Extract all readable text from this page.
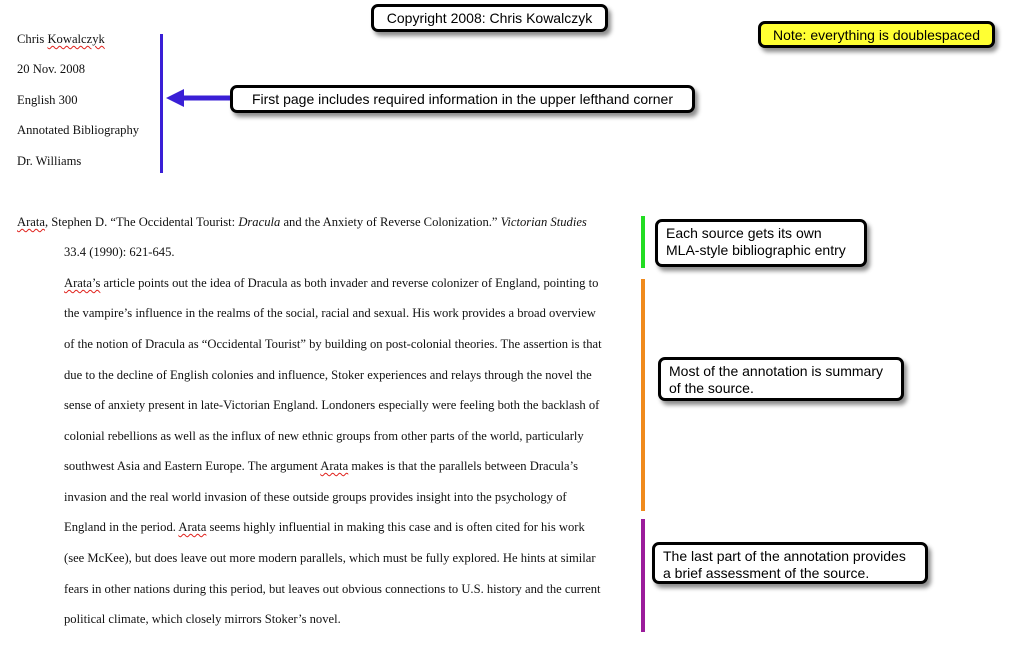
Copyright 2008: Chris Kowalczyk
Note: everything is doublespaced
Chris Kowalczyk
20 Nov. 2008
English 300
Annotated Bibliography
Dr. Williams
First page includes required information in the upper lefthand corner
Arata, Stephen D. “The Occidental Tourist: Dracula and the Anxiety of Reverse Colonization.” Victorian Studies
33.4 (1990): 621-645.
Arata’s article points out the idea of Dracula as both invader and reverse colonizer of England, pointing to
the vampire’s influence in the realms of the social, racial and sexual. His work provides a broad overview
of the notion of Dracula as “Occidental Tourist” by building on post-colonial theories. The assertion is that
due to the decline of English colonies and influence, Stoker experiences and relays through the novel the
sense of anxiety present in late-Victorian England. Londoners especially were feeling both the backlash of
colonial rebellions as well as the influx of new ethnic groups from other parts of the world, particularly
southwest Asia and Eastern Europe. The argument Arata makes is that the parallels between Dracula’s
invasion and the real world invasion of these outside groups provides insight into the psychology of
England in the period. Arata seems highly influential in making this case and is often cited for his work
(see McKee), but does leave out more modern parallels, which must be fully explored. He hints at similar
fears in other nations during this period, but leaves out obvious connections to U.S. history and the current
political climate, which closely mirrors Stoker’s novel.
Each source gets its own MLA-style bibliographic entry
Most of the annotation is summary of the source.
The last part of the annotation provides a brief assessment of the source.
